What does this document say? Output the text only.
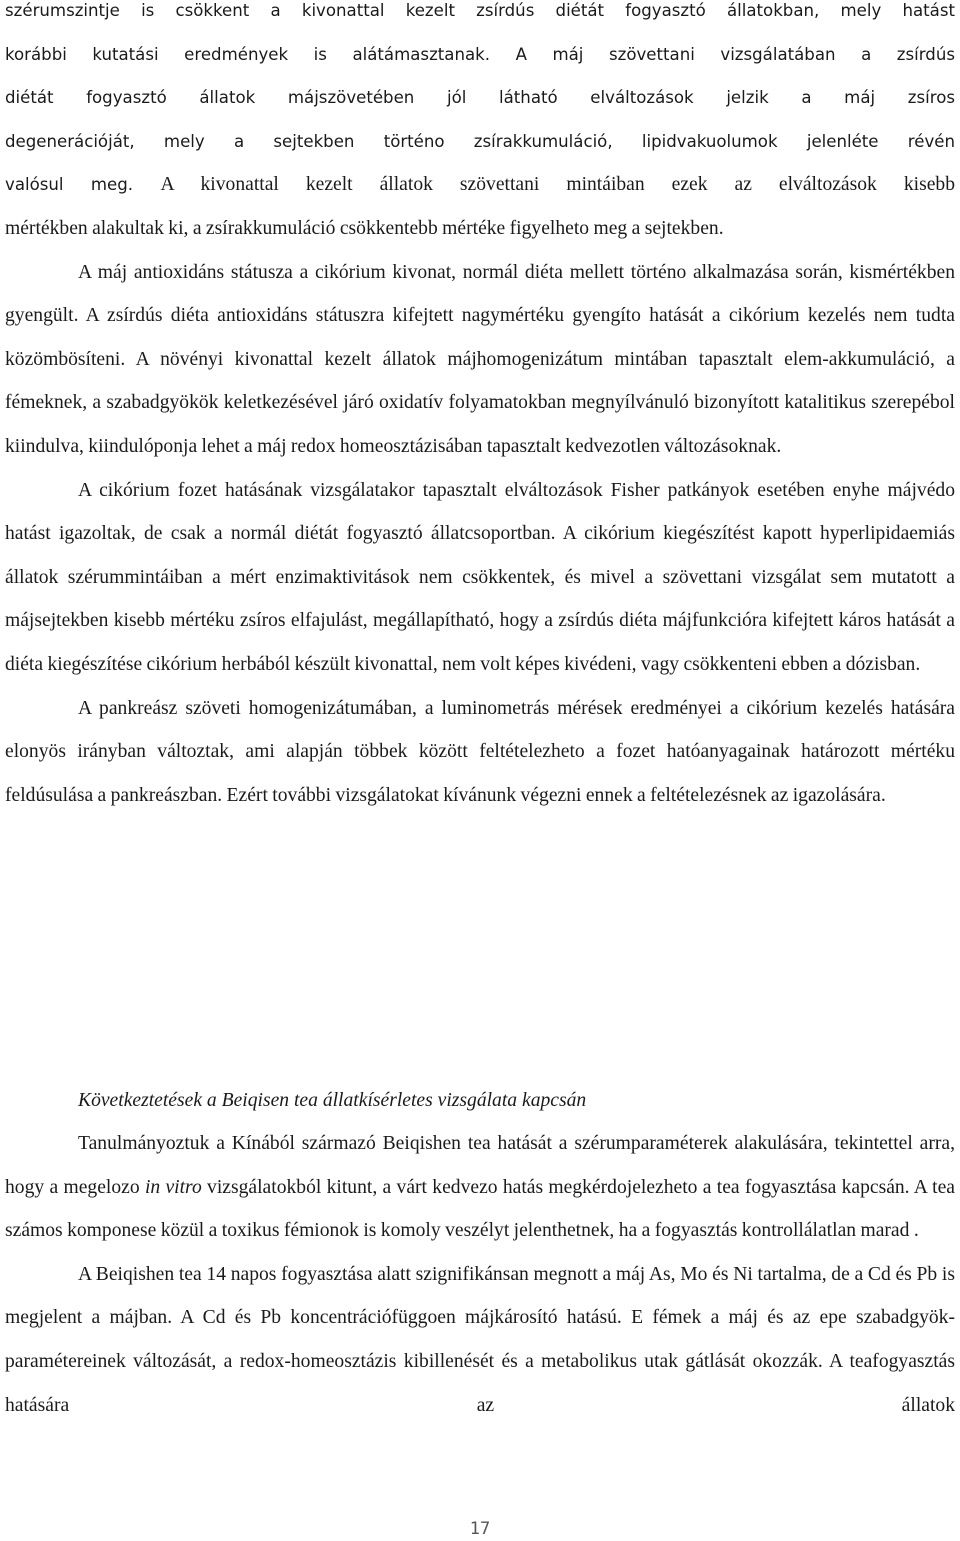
szérumszintje is csökkent a kivonattal kezelt zsírdús diétát fogyasztó állatokban, mely hatást

korábbi kutatási eredmények is alátámasztanak. A máj szövettani vizsgálatában a zsírdús

diétát fogyasztó állatok májszövetében jól látható elváltozások jelzik a máj zsíros

degenerációját, mely a sejtekben történo zsírakkumuláció, lipidvakuolumok jelenléte révén

valósul meg. A kivonattal kezelt állatok szövettani mintáiban ezek az elváltozások kisebb

mértékben alakultak ki, a zsírakkumuláció csökkentebb mértéke figyelheto meg a sejtekben.

A máj antioxidáns státusza a cikórium kivonat, normál diéta mellett történo alkalmazása során, kismértékben gyengült. A zsírdús diéta antioxidáns státuszra kifejtett nagymértéku gyengíto hatását a cikórium kezelés nem tudta közömbösíteni. A növényi kivonattal kezelt állatok májhomogenizátum mintában tapasztalt elem-akkumuláció, a fémeknek, a szabadgyökök keletkezésével járó oxidatív folyamatokban megnyílvánuló bizonyított katalitikus szerepébol kiindulva, kiindulóponja lehet a máj redox homeosztázisában tapasztalt kedvezotlen változásoknak.

A cikórium fozet hatásának vizsgálatakor tapasztalt elváltozások Fisher patkányok esetében enyhe májvédo hatást igazoltak, de csak a normál diétát fogyasztó állatcsoportban. A cikórium kiegészítést kapott hyperlipidaemiás állatok szérummintáiban a mért enzimaktivitások nem csökkentek, és mivel a szövettani vizsgálat sem mutatott a májsejtekben kisebb mértéku zsíros elfajulást, megállapítható, hogy a zsírdús diéta májfunkcióra kifejtett káros hatását a diéta kiegészítése cikórium herbából készült kivonattal, nem volt képes kivédeni, vagy csökkenteni ebben a dózisban.

A pankreász szöveti homogenizátumában, a luminometrás mérések eredményei a cikórium kezelés hatására elonyös irányban változtak, ami alapján többek között feltételezheto a fozet hatóanyagainak határozott mértéku feldúsulása a pankreászban. Ezért további vizsgálatokat kívánunk végezni ennek a feltételezésnek az igazolására.

Következtetések a Beiqisen tea állatkísérletes vizsgálata kapcsán

Tanulmányoztuk a Kínából származó Beiqishen tea hatását a szérumparaméterek alakulására, tekintettel arra, hogy a megelozo in vitro vizsgálatokból kitunt, a várt kedvezo hatás megkérdojelezheto a tea fogyasztása kapcsán. A tea számos komponese közül a toxikus fémionok is komoly veszélyt jelenthetnek, ha a fogyasztás kontrollálatlan marad .

A Beiqishen tea 14 napos fogyasztása alatt szignifikánsan megnott a máj As, Mo és Ni tartalma, de a Cd és Pb is megjelent a májban. A Cd és Pb koncentrációfüggoen májkárosító hatású. E fémek a máj és az epe szabadgyök-paramétereinek változását, a redox-homeosztázis kibillenését és a metabolikus utak gátlását okozzák. A teafogyasztás hatására az állatok

17
